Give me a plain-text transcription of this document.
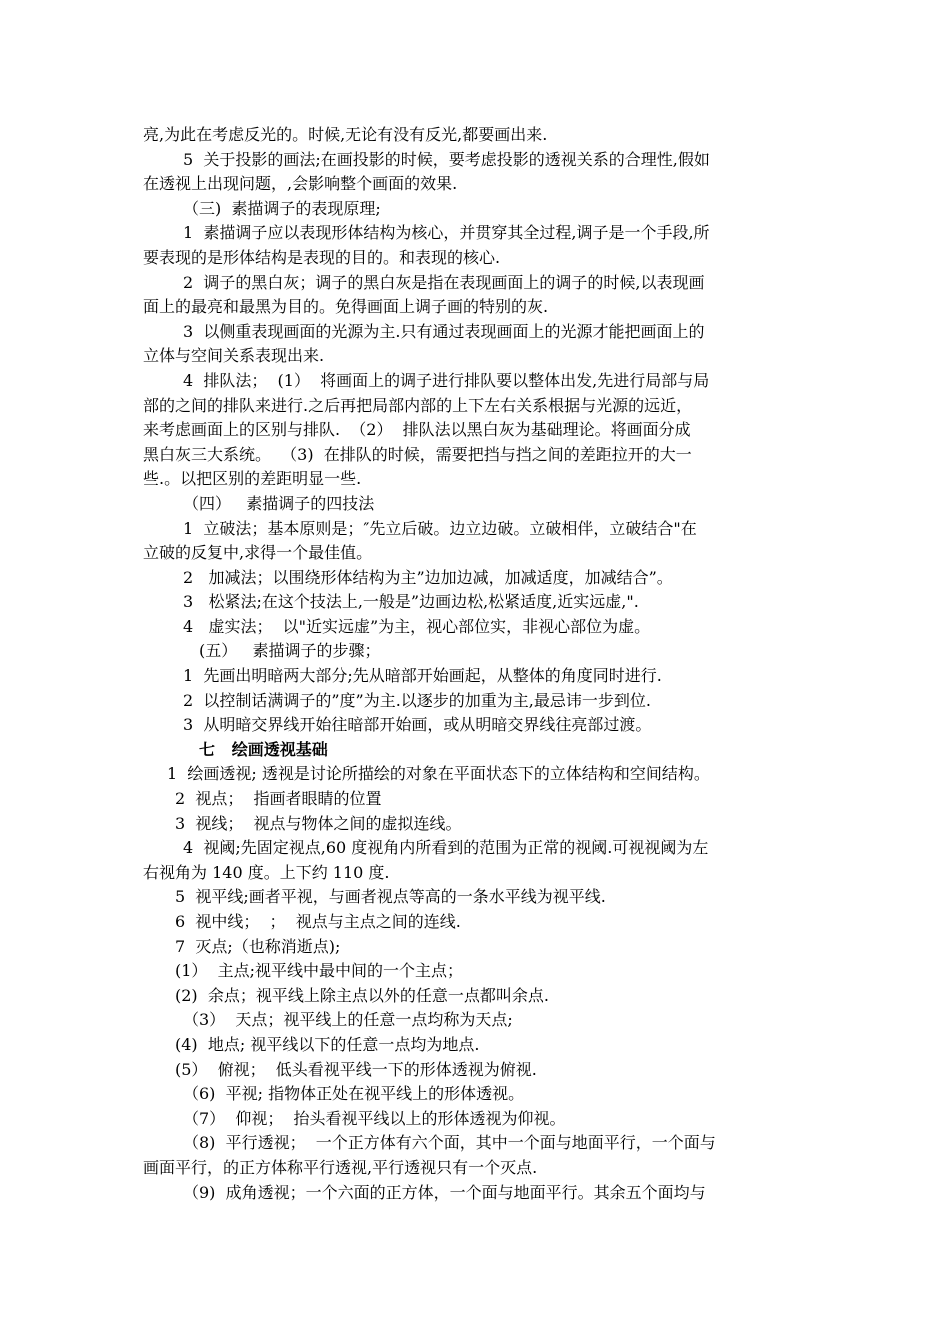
亮,为此在考虑反光的。时候,无论有没有反光,都要画出来.
5  关于投影的画法;在画投影的时候，要考虑投影的透视关系的合理性,假如
在透视上出现问题，,会影响整个画面的效果.
（三)  素描调子的表现原理;
1  素描调子应以表现形体结构为核心，并贯穿其全过程,调子是一个手段,所
要表现的是形体结构是表现的目的。和表现的核心.
2  调子的黑白灰；调子的黑白灰是指在表现画面上的调子的时候,以表现画
面上的最亮和最黑为目的。免得画面上调子画的特别的灰.
3  以侧重表现画面的光源为主.只有通过表现画面上的光源才能把画面上的
立体与空间关系表现出来.
4  排队法；  (1）  将画面上的调子进行排队要以整体出发,先进行局部与局
部的之间的排队来进行.之后再把局部内部的上下左右关系根据与光源的远近，
来考虑画面上的区别与排队.  （2）  排队法以黑白灰为基础理论。将画面分成
黑白灰三大系统。  （3)  在排队的时候，需要把挡与挡之间的差距拉开的大一
些.。以把区别的差距明显一些.
（四）   素描调子的四技法
1  立破法；基本原则是；″先立后破。边立边破。立破相伴，立破结合"在
立破的反复中,求得一个最佳值。
2   加减法；以围绕形体结构为主”边加边减，加减适度，加减结合”。
3   松紧法;在这个技法上,一般是”边画边松,松紧适度,近实远虚,".
4   虚实法；  以"近实远虚”为主，视心部位实，非视心部位为虚。
(五）   素描调子的步骤；
1  先画出明暗两大部分;先从暗部开始画起，从整体的角度同时进行.
2  以控制话满调子的”度”为主.以逐步的加重为主,最忌讳一步到位.
3  从明暗交界线开始往暗部开始画，或从明暗交界线往亮部过渡。
七   绘画透视基础
1  绘画透视; 透视是讨论所描绘的对象在平面状态下的立体结构和空间结构。
2  视点；  指画者眼睛的位置
3  视线；  视点与物体之间的虚拟连线。
4  视阈;先固定视点,60 度视角内所看到的范围为正常的视阈.可视视阈为左
右视角为 140 度。上下约 110 度.
5  视平线;画者平视，与画者视点等高的一条水平线为视平线.
6  视中线；  ；  视点与主点之间的连线.
7  灭点;（也称消逝点);
(1）  主点;视平线中最中间的一个主点；
(2)  余点；视平线上除主点以外的任意一点都叫余点.
（3）  天点；视平线上的任意一点均称为天点;
(4)  地点; 视平线以下的任意一点均为地点.
(5）  俯视；  低头看视平线一下的形体透视为俯视.
（6)  平视; 指物体正处在视平线上的形体透视。
（7）  仰视；  抬头看视平线以上的形体透视为仰视。
（8)  平行透视；  一个正方体有六个面，其中一个面与地面平行，一个面与
画面平行，的正方体称平行透视,平行透视只有一个灭点.
（9)  成角透视；一个六面的正方体，一个面与地面平行。其余五个面均与
